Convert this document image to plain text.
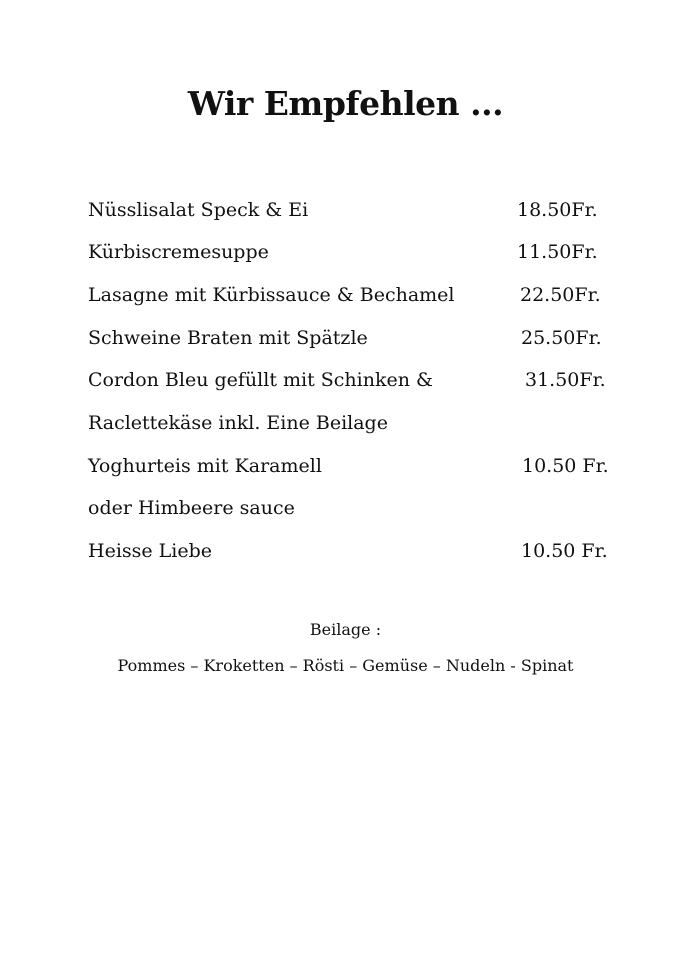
Wir Empfehlen ...
Nüsslisalat Speck & Ei	18.50Fr.
Kürbiscremesuppe	11.50Fr.
Lasagne mit Kürbissauce & Bechamel	22.50Fr.
Schweine Braten mit Spätzle	25.50Fr.
Cordon Bleu gefüllt mit Schinken &	31.50Fr.
Raclettekäse inkl. Eine Beilage
Yoghurteis mit Karamell	10.50 Fr.
oder Himbeere sauce
Heisse Liebe	10.50 Fr.
Beilage :
Pommes – Kroketten – Rösti – Gemüse – Nudeln - Spinat
